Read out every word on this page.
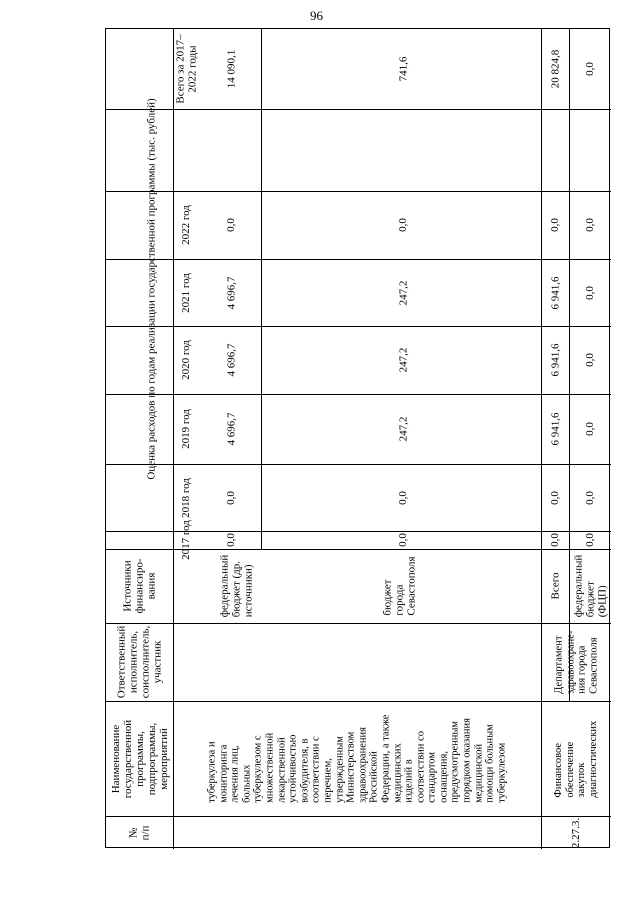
96
№
п/п
Наименование
государственной
программы,
подпрограммы,
мероприятий
Ответственный
исполнитель,
соисполнитель,
участник
Источники
финансиро-
вания
Оценка расходов по годам реализации государственной программы (тыс. рублей)
2017 год
2018 год
2019 год
2020 год
2021 год
2022 год
Всего за 2017–
2022 годы
туберкулеза и
мониторинга
лечения лиц,
больных
туберкулезом с
множественной
лекарственной
устойчивостью
возбудителя, в
соответствии с
перечнем,
утвержденным
Министерством
здравоохранения
Российской
Федерации, а также
медицинских
изделий в
соответствии со
стандартом
оснащения,
предусмотренным
порядком оказания
медицинской
помощи больным
туберкулезом
федеральный
бюджет (др.
источники)	бюджет
города
Севастополя
0,0
0,0
4 696,7
4 696,7
4 696,7
0,0
14 090,1
0,0
0,0
247,2
247,2
247,2
0,0
741,6
2.27.3.
Финансовое
обеспечение
закупок
диагностических
Департамент
здравоохране-
ния города
Севастополя
Всего федеральный
бюджет
(ФЦП)
0,0
0,0
6 941,6
6 941,6
6 941,6
0,0
20 824,8
0,0
0,0
0,0
0,0
0,0
0,0
0,0
